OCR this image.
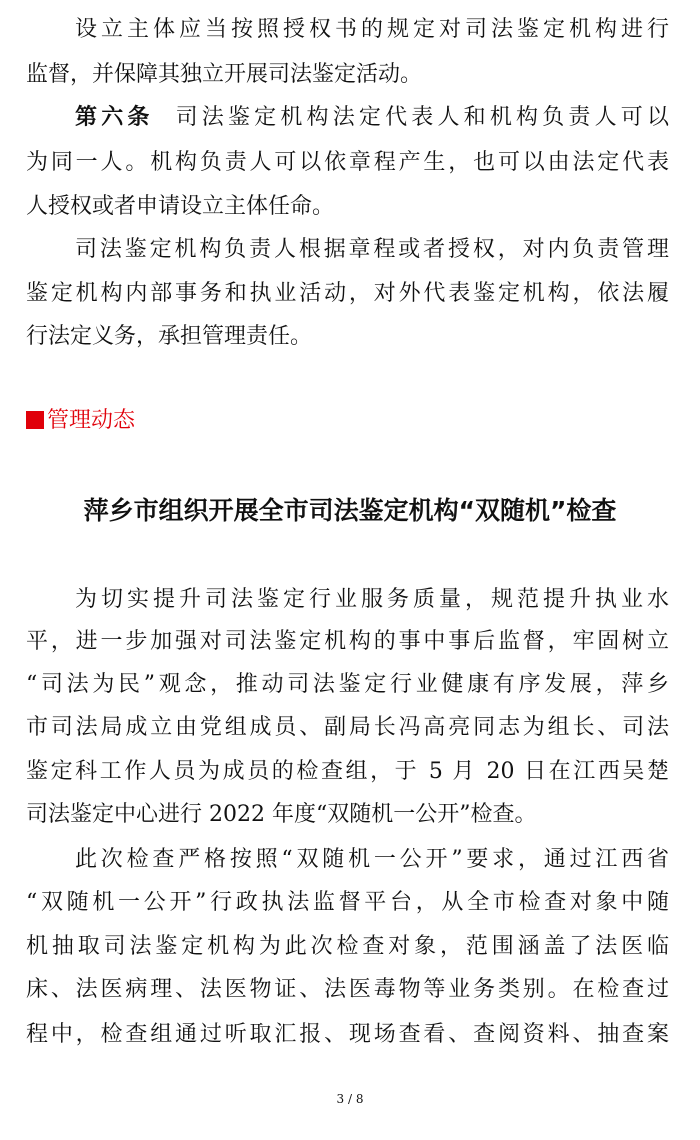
设立主体应当按照授权书的规定对司法鉴定机构进行
监督，并保障其独立开展司法鉴定活动。
第六条 司法鉴定机构法定代表人和机构负责人可以
为同一人。机构负责人可以依章程产生，也可以由法定代表
人授权或者申请设立主体任命。
司法鉴定机构负责人根据章程或者授权，对内负责管理
鉴定机构内部事务和执业活动，对外代表鉴定机构，依法履
行法定义务，承担管理责任。
管理动态
萍乡市组织开展全市司法鉴定机构“双随机”检查
为切实提升司法鉴定行业服务质量，规范提升执业水
平，进一步加强对司法鉴定机构的事中事后监督，牢固树立
“司法为民”观念，推动司法鉴定行业健康有序发展，萍乡
市司法局成立由党组成员、副局长冯高亮同志为组长、司法
鉴定科工作人员为成员的检查组，于 5 月 20 日在江西吴楚
司法鉴定中心进行 2022 年度“双随机一公开”检查。
此次检查严格按照“双随机一公开”要求，通过江西省
“双随机一公开”行政执法监督平台，从全市检查对象中随
机抽取司法鉴定机构为此次检查对象，范围涵盖了法医临
床、法医病理、法医物证、法医毒物等业务类别。在检查过
程中，检查组通过听取汇报、现场查看、查阅资料、抽查案
3 / 8
